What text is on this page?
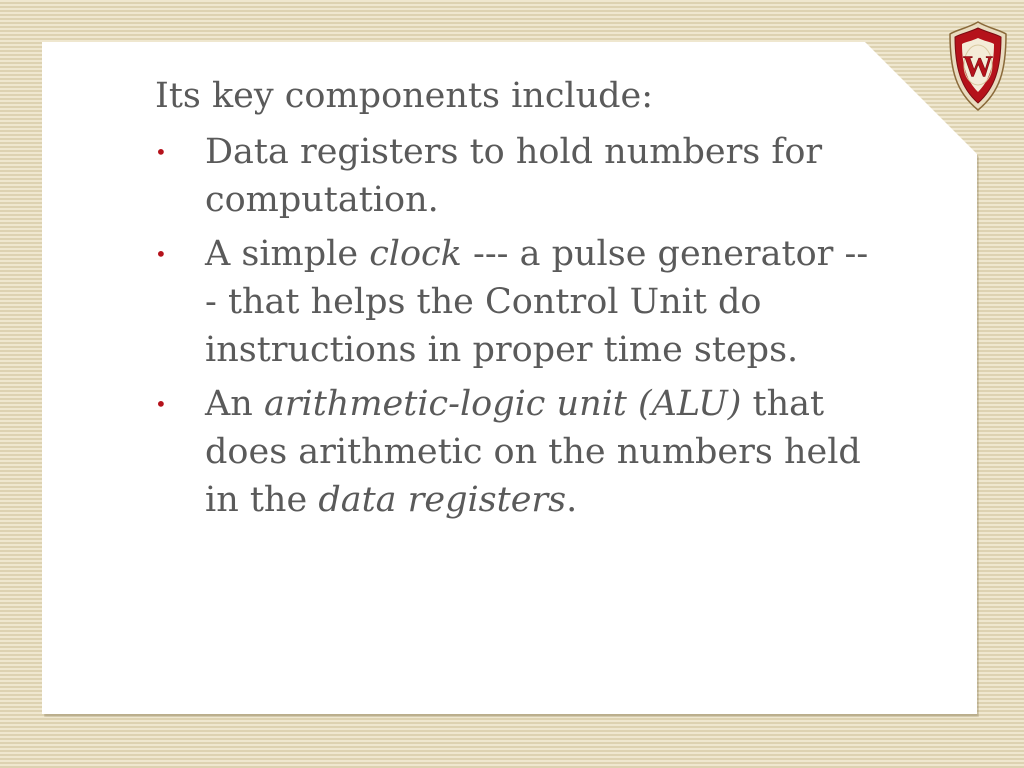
W
Its key components include:
• Data registers to hold numbers for
computation.
• A simple clock --- a pulse generator --
- that helps the Control Unit do
instructions in proper time steps.
• An arithmetic-logic unit (ALU) that
does arithmetic on the numbers held
in the data registers.
